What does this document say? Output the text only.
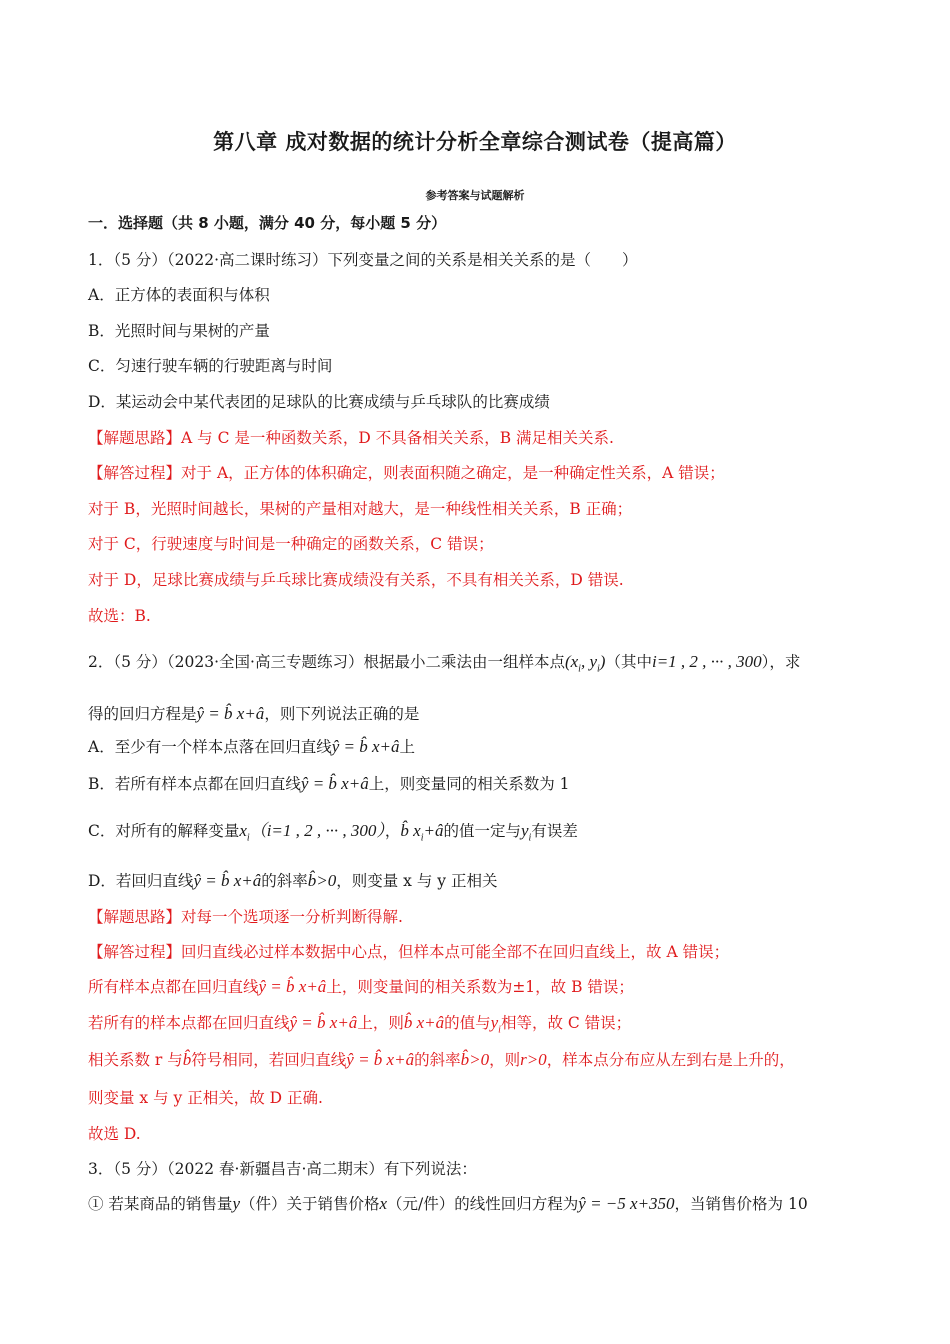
第八章 成对数据的统计分析全章综合测试卷（提高篇）
参考答案与试题解析
一．选择题（共 8 小题，满分 40 分，每小题 5 分）
1．（5 分）（2022·高二课时练习）下列变量之间的关系是相关关系的是（　　）
A．正方体的表面积与体积
B．光照时间与果树的产量
C．匀速行驶车辆的行驶距离与时间
D．某运动会中某代表团的足球队的比赛成绩与乒乓球队的比赛成绩
【解题思路】A 与 C 是一种函数关系，D 不具备相关关系，B 满足相关关系.
【解答过程】对于 A，正方体的体积确定，则表面积随之确定，是一种确定性关系，A 错误；
对于 B，光照时间越长，果树的产量相对越大，是一种线性相关关系，B 正确；
对于 C，行驶速度与时间是一种确定的函数关系，C 错误；
对于 D，足球比赛成绩与乒乓球比赛成绩没有关系，不具有相关关系，D 错误.
故选：B.
2．（5 分）（2023·全国·高三专题练习）根据最小二乘法由一组样本点($x_i$, $y_i$)（其中i=1 , 2 , ··· , 300），求
得的回归方程是ŷ = b̂ x+â，则下列说法正确的是
A．至少有一个样本点落在回归直线ŷ = b̂ x+â上
B．若所有样本点都在回归直线ŷ = b̂ x+â上，则变量同的相关系数为 1
C．对所有的解释变量$x_i(i=1$ , 2 , ··· , 300），b̂ $x_i+â$的值一定与$y_i$有误差
D．若回归直线ŷ = b̂ x+â的斜率b̂>0，则变量 x 与 y 正相关
【解题思路】对每一个选项逐一分析判断得解.
【解答过程】回归直线必过样本数据中心点，但样本点可能全部不在回归直线上，故 A 错误；
所有样本点都在回归直线ŷ = b̂ x+â上，则变量间的相关系数为±1，故 B 错误；
若所有的样本点都在回归直线ŷ = b̂ x+â上，则b̂ x+â的值与$y_i$相等，故 C 错误；
相关系数 r 与b̂符号相同，若回归直线ŷ = b̂ x+â的斜率b̂>0，则r>0，样本点分布应从左到右是上升的，
则变量 x 与 y 正相关，故 D 正确.
故选 D.
3．（5 分）（2022 春·新疆昌吉·高二期末）有下列说法：
① 若某商品的销售量y（件）关于销售价格x（元/件）的线性回归方程为ŷ = −5 x+350，当销售价格为 10
